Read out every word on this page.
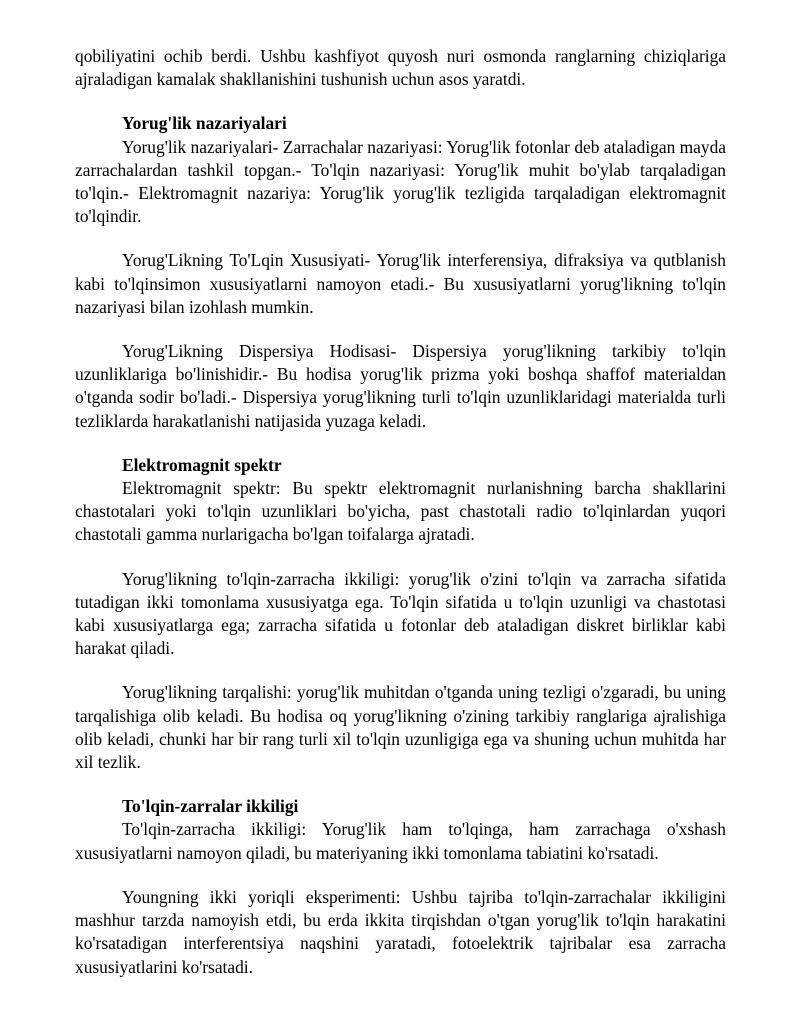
qobiliyatini ochib berdi. Ushbu kashfiyot quyosh nuri osmonda ranglarning chiziqlariga ajraladigan kamalak shakllanishini tushunish uchun asos yaratdi.

Yorug'lik nazariyalari

Yorug'lik nazariyalari- Zarrachalar nazariyasi: Yorug'lik fotonlar deb ataladigan mayda zarrachalardan tashkil topgan.- To'lqin nazariyasi: Yorug'lik muhit bo'ylab tarqaladigan to'lqin.- Elektromagnit nazariya: Yorug'lik yorug'lik tezligida tarqaladigan elektromagnit to'lqindir.

Yorug'Likning To'Lqin Xususiyati- Yorug'lik interferensiya, difraksiya va qutblanish kabi to'lqinsimon xususiyatlarni namoyon etadi.- Bu xususiyatlarni yorug'likning to'lqin nazariyasi bilan izohlash mumkin.

Yorug'Likning Dispersiya Hodisasi- Dispersiya yorug'likning tarkibiy to'lqin uzunliklariga bo'linishidir.- Bu hodisa yorug'lik prizma yoki boshqa shaffof materialdan o'tganda sodir bo'ladi.- Dispersiya yorug'likning turli to'lqin uzunliklaridagi materialda turli tezliklarda harakatlanishi natijasida yuzaga keladi.

Elektromagnit spektr

Elektromagnit spektr: Bu spektr elektromagnit nurlanishning barcha shakllarini chastotalari yoki to'lqin uzunliklari bo'yicha, past chastotali radio to'lqinlardan yuqori chastotali gamma nurlarigacha bo'lgan toifalarga ajratadi.

Yorug'likning to'lqin-zarracha ikkiligi: yorug'lik o'zini to'lqin va zarracha sifatida tutadigan ikki tomonlama xususiyatga ega. To'lqin sifatida u to'lqin uzunligi va chastotasi kabi xususiyatlarga ega; zarracha sifatida u fotonlar deb ataladigan diskret birliklar kabi harakat qiladi.

Yorug'likning tarqalishi: yorug'lik muhitdan o'tganda uning tezligi o'zgaradi, bu uning tarqalishiga olib keladi. Bu hodisa oq yorug'likning o'zining tarkibiy ranglariga ajralishiga olib keladi, chunki har bir rang turli xil to'lqin uzunligiga ega va shuning uchun muhitda har xil tezlik.

To'lqin-zarralar ikkiligi

To'lqin-zarracha ikkiligi: Yorug'lik ham to'lqinga, ham zarrachaga o'xshash xususiyatlarni namoyon qiladi, bu materiyaning ikki tomonlama tabiatini ko'rsatadi.

Youngning ikki yoriqli eksperimenti: Ushbu tajriba to'lqin-zarrachalar ikkiligini mashhur tarzda namoyish etdi, bu erda ikkita tirqishdan o'tgan yorug'lik to'lqin harakatini ko'rsatadigan interferentsiya naqshini yaratadi, fotoelektrik tajribalar esa zarracha xususiyatlarini ko'rsatadi.
